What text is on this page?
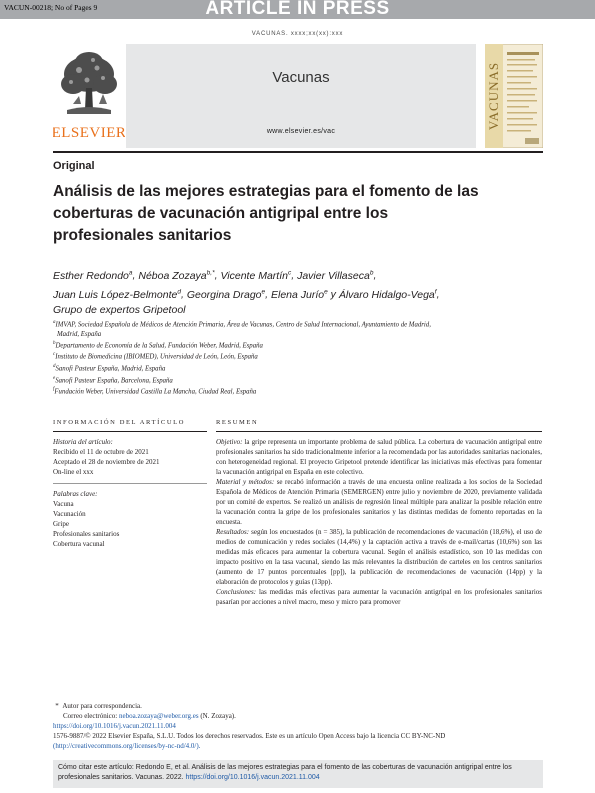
VACUN-00218; No of Pages 9	ARTICLE IN PRESS
VACUNAS. xxxx;xx(xx):xxx
ELSEVIER
Vacunas
www.elsevier.es/vac
VACUNAS
Original
Análisis de las mejores estrategias para el fomento de las coberturas de vacunación antigripal entre los profesionales sanitarios
Esther Redondo$^a$, Néboa Zozaya$^{b,*}$, Vicente Martín$^c$, Javier Villaseca$^b$,
Juan Luis López-Belmonte$^d$, Georgina Drago$^e$, Elena Jurío$^e$ y Álvaro Hidalgo-Vega$^f$,
Grupo de expertos Gripetool
$^a$IMVAP, Sociedad Española de Médicos de Atención Primaria, Área de Vacunas, Centro de Salud Internacional, Ayuntamiento de Madrid,
Madrid, España
$^b$Departamento de Economía de la Salud, Fundación Weber, Madrid, España
$^c$Instituto de Biomedicina (IBIOMED), Universidad de León, León, España
$^d$Sanofi Pasteur España, Madrid, España
$^e$Sanofi Pasteur España, Barcelona, España
$^f$Fundación Weber, Universidad Castilla La Mancha, Ciudad Real, España
INFORMACIÓN DEL ARTÍCULO
Historia del artículo:
Recibido el 11 de octubre de 2021
Aceptado el 28 de noviembre de 2021
On-line el xxx
Palabras clave:
Vacuna
Vacunación
Gripe
Profesionales sanitarios
Cobertura vacunal
RESUMEN

Objetivo: la gripe representa un importante problema de salud pública. La cobertura de vacunación antigripal entre profesionales sanitarios ha sido tradicionalmente inferior a la recomendada por las autoridades sanitarias nacionales, con heterogeneidad regional. El proyecto Gripetool pretende identificar las iniciativas más efectivas para fomentar la vacunación antigripal en España en este colectivo.

Material y métodos: se recabó información a través de una encuesta online realizada a los socios de la Sociedad Española de Médicos de Atención Primaria (SEMERGEN) entre julio y noviembre de 2020, previamente validada por un comité de expertos. Se realizó un análisis de regresión lineal múltiple para analizar la posible relación entre la vacunación contra la gripe de los profesionales sanitarios y las distintas medidas de fomento reportadas en la encuesta.

Resultados: según los encuestados (n = 385), la publicación de recomendaciones de vacunación (18,6%), el uso de medios de comunicación y redes sociales (14,4%) y la captación activa a través de e-mail/cartas (10,6%) son las medidas más eficaces para aumentar la cobertura vacunal. Según el análisis estadístico, son 10 las medidas con impacto positivo en la tasa vacunal, siendo las más relevantes la distribución de carteles en los centros sanitarios (aumento de 17 puntos porcentuales [pp]), la publicación de recomendaciones de vacunación (14pp) y la elaboración de protocolos y guías (13pp).

Conclusiones: las medidas más efectivas para aumentar la vacunación antigripal en los profesionales sanitarios pasarían por acciones a nivel macro, meso y micro para promover

* Autor para correspondencia.
Correo electrónico: neboa.zozaya@weber.org.es (N. Zozaya).
https://doi.org/10.1016/j.vacun.2021.11.004
1576-9887/© 2022 Elsevier España, S.L.U. Todos los derechos reservados. Este es un artículo Open Access bajo la licencia CC BY-NC-ND
(http://creativecommons.org/licenses/by-nc-nd/4.0/).
Cómo citar este artículo: Redondo E, et al. Análisis de las mejores estrategias para el fomento de las coberturas de vacunación antigripal entre los profesionales sanitarios. Vacunas. 2022. https://doi.org/10.1016/j.vacun.2021.11.004
